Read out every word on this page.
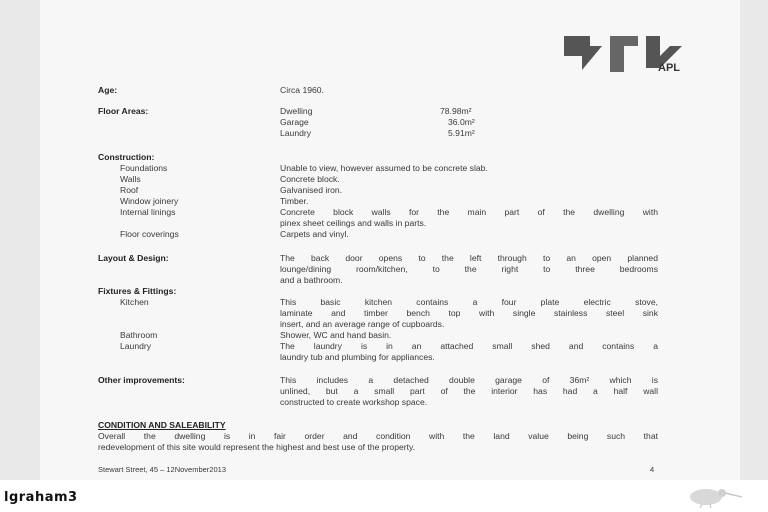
APL
Age:	Circa 1960.
Floor Areas:	Dwelling	78.98m²
Garage	36.0m²
Laundry	5.91m²
Construction:
Foundations	Unable to view, however assumed to be concrete slab.
Walls	Concrete block.
Roof	Galvanised iron.
Window joinery	Timber.
Internal linings	Concrete block walls for the main part of the dwelling with
pinex sheet ceilings and walls in parts.
Floor coverings	Carpets and vinyl.
Layout & Design:	The back door opens to the left through to an open planned
lounge/dining room/kitchen, to the right to three bedrooms
and a bathroom.
Fixtures & Fittings:
Kitchen	This basic kitchen contains a four plate electric stove,
laminate and timber bench top with single stainless steel sink
insert, and an average range of cupboards.
Bathroom	Shower, WC and hand basin.
Laundry	The laundry is in an attached small shed and contains a
laundry tub and plumbing for appliances.
Other improvements:	This includes a detached double garage of 36m² which is
unlined, but a small part of the interior has had a half wall
constructed to create workshop space.
CONDITION AND SALEABILITY
Overall the dwelling is in fair order and condition with the land value being such that
redevelopment of this site would represent the highest and best use of the property.
Stewart Street, 45 – 12November2013	4
lgraham3
